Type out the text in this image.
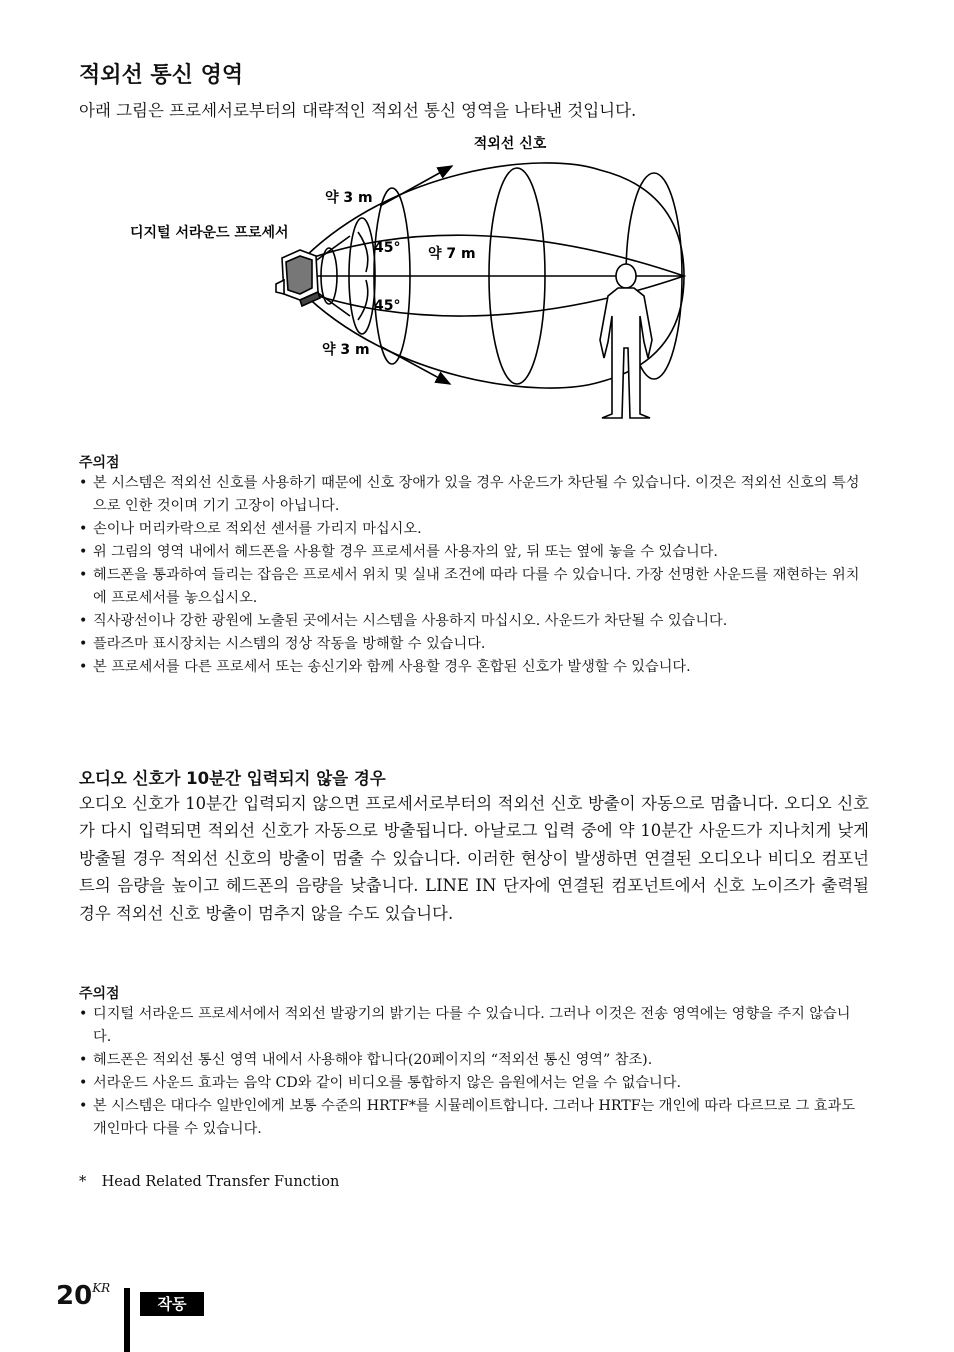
적외선 통신 영역
아래 그림은 프로세서로부터의 대략적인 적외선 통신 영역을 나타낸 것입니다.
적외선 신호
약 3 m
디지털 서라운드 프로세서
45° 약 7 m
45°
약 3 m
주의점
• 본 시스템은 적외선 신호를 사용하기 때문에 신호 장애가 있을 경우 사운드가 차단될 수 있습니다. 이것은 적외선 신호의 특성으로 인한 것이며 기기 고장이 아닙니다.
• 손이나 머리카락으로 적외선 센서를 가리지 마십시오.
• 위 그림의 영역 내에서 헤드폰을 사용할 경우 프로세서를 사용자의 앞, 뒤 또는 옆에 놓을 수 있습니다.
• 헤드폰을 통과하여 들리는 잡음은 프로세서 위치 및 실내 조건에 따라 다를 수 있습니다. 가장 선명한 사운드를 재현하는 위치에 프로세서를 놓으십시오.
• 직사광선이나 강한 광원에 노출된 곳에서는 시스템을 사용하지 마십시오. 사운드가 차단될 수 있습니다.
• 플라즈마 표시장치는 시스템의 정상 작동을 방해할 수 있습니다.
• 본 프로세서를 다른 프로세서 또는 송신기와 함께 사용할 경우 혼합된 신호가 발생할 수 있습니다.
오디오 신호가 10분간 입력되지 않을 경우
오디오 신호가 10분간 입력되지 않으면 프로세서로부터의 적외선 신호 방출이 자동으로 멈춥니다. 오디오 신호가 다시 입력되면 적외선 신호가 자동으로 방출됩니다. 아날로그 입력 중에 약 10분간 사운드가 지나치게 낮게 방출될 경우 적외선 신호의 방출이 멈출 수 있습니다. 이러한 현상이 발생하면 연결된 오디오나 비디오 컴포넌트의 음량을 높이고 헤드폰의 음량을 낮춥니다. LINE IN 단자에 연결된 컴포넌트에서 신호 노이즈가 출력될 경우 적외선 신호 방출이 멈추지 않을 수도 있습니다.
주의점
• 디지털 서라운드 프로세서에서 적외선 발광기의 밝기는 다를 수 있습니다. 그러나 이것은 전송 영역에는 영향을 주지 않습니다.
• 헤드폰은 적외선 통신 영역 내에서 사용해야 합니다(20페이지의 “적외선 통신 영역” 참조).
• 서라운드 사운드 효과는 음악 CD와 같이 비디오를 통합하지 않은 음원에서는 얻을 수 없습니다.
• 본 시스템은 대다수 일반인에게 보통 수준의 HRTF*를 시뮬레이트합니다. 그러나 HRTF는 개인에 따라 다르므로 그 효과도 개인마다 다를 수 있습니다.
* Head Related Transfer Function
$20^{KR}$
작동
